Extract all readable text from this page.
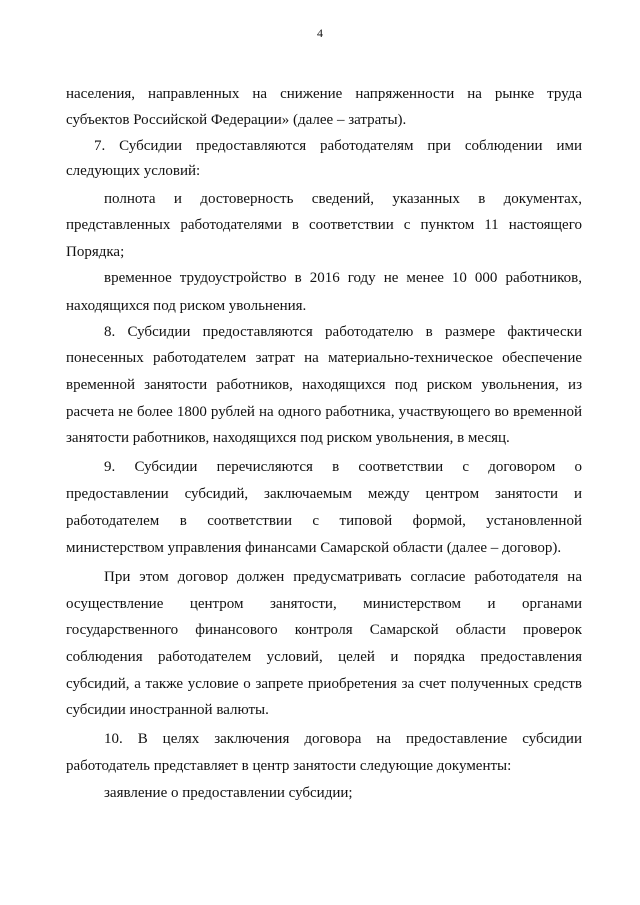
4
населения, направленных на снижение напряженности на рынке труда
субъектов Российской Федерации» (далее – затраты).
7. Субсидии предоставляются работодателям при соблюдении ими
следующих условий:
полнота и достоверность сведений, указанных в документах,
представленных работодателями в соответствии с пунктом 11 настоящего
Порядка;
временное трудоустройство в 2016 году не менее 10 000 работников,
находящихся под риском увольнения.
8. Субсидии предоставляются работодателю в размере фактически
понесенных работодателем затрат на материально-техническое обеспечение
временной занятости работников, находящихся под риском увольнения, из
расчета не более 1800 рублей на одного работника, участвующего во временной
занятости работников, находящихся под риском увольнения, в месяц.
9. Субсидии перечисляются в соответствии с договором о
предоставлении субсидий, заключаемым между центром занятости и
работодателем в соответствии с типовой формой, установленной
министерством управления финансами Самарской области (далее – договор).
При этом договор должен предусматривать согласие работодателя на
осуществление центром занятости, министерством и органами
государственного финансового контроля Самарской области проверок
соблюдения работодателем условий, целей и порядка предоставления
субсидий, а также условие о запрете приобретения за счет полученных средств
субсидии иностранной валюты.
10. В целях заключения договора на предоставление субсидии
работодатель представляет в центр занятости следующие документы:
заявление о предоставлении субсидии;
